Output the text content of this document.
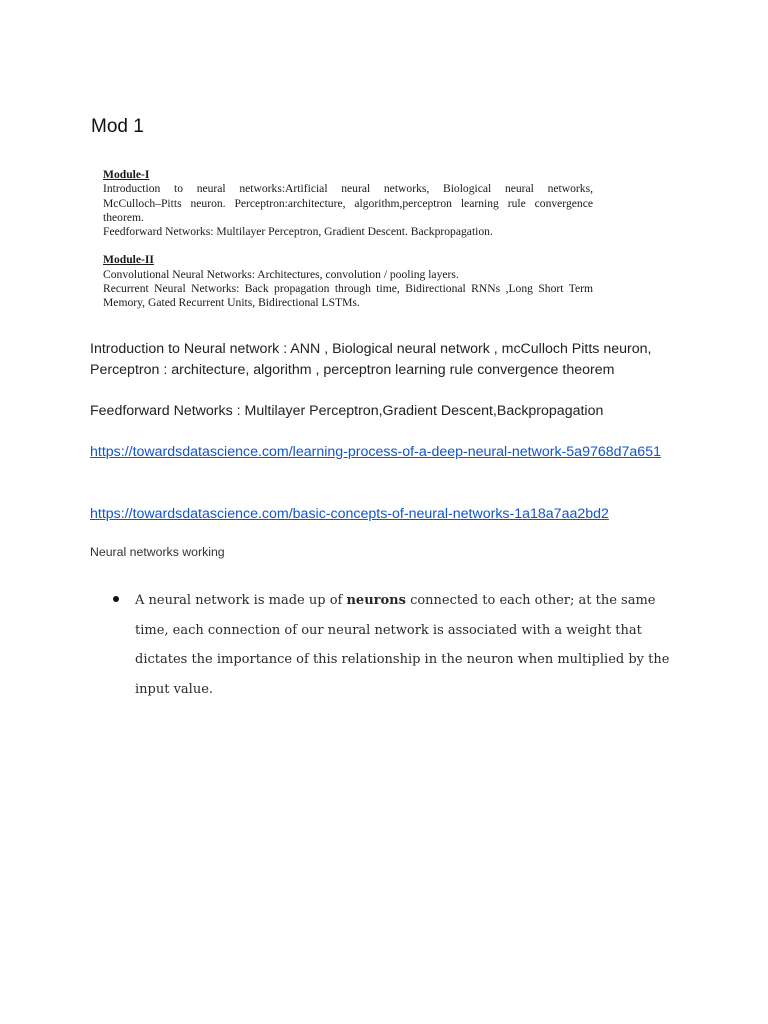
Mod 1
Module-I
Introduction to neural networks:Artificial neural networks, Biological neural networks,
McCulloch–Pitts neuron. Perceptron:architecture, algorithm,perceptron learning rule convergence
theorem.
Feedforward Networks: Multilayer Perceptron, Gradient Descent. Backpropagation.
Module-II
Convolutional Neural Networks: Architectures, convolution / pooling layers.
Recurrent Neural Networks: Back propagation through time, Bidirectional RNNs ,Long Short Term
Memory, Gated Recurrent Units, Bidirectional LSTMs.
Introduction to Neural network : ANN , Biological neural network , mcCulloch Pitts neuron, Perceptron : architecture, algorithm , perceptron learning rule convergence theorem
Feedforward Networks : Multilayer Perceptron,Gradient Descent,Backpropagation
https://towardsdatascience.com/learning-process-of-a-deep-neural-network-5a9768d7a651
https://towardsdatascience.com/basic-concepts-of-neural-networks-1a18a7aa2bd2
Neural networks working
A neural network is made up of neurons connected to each other; at the same time, each connection of our neural network is associated with a weight that dictates the importance of this relationship in the neuron when multiplied by the input value.
